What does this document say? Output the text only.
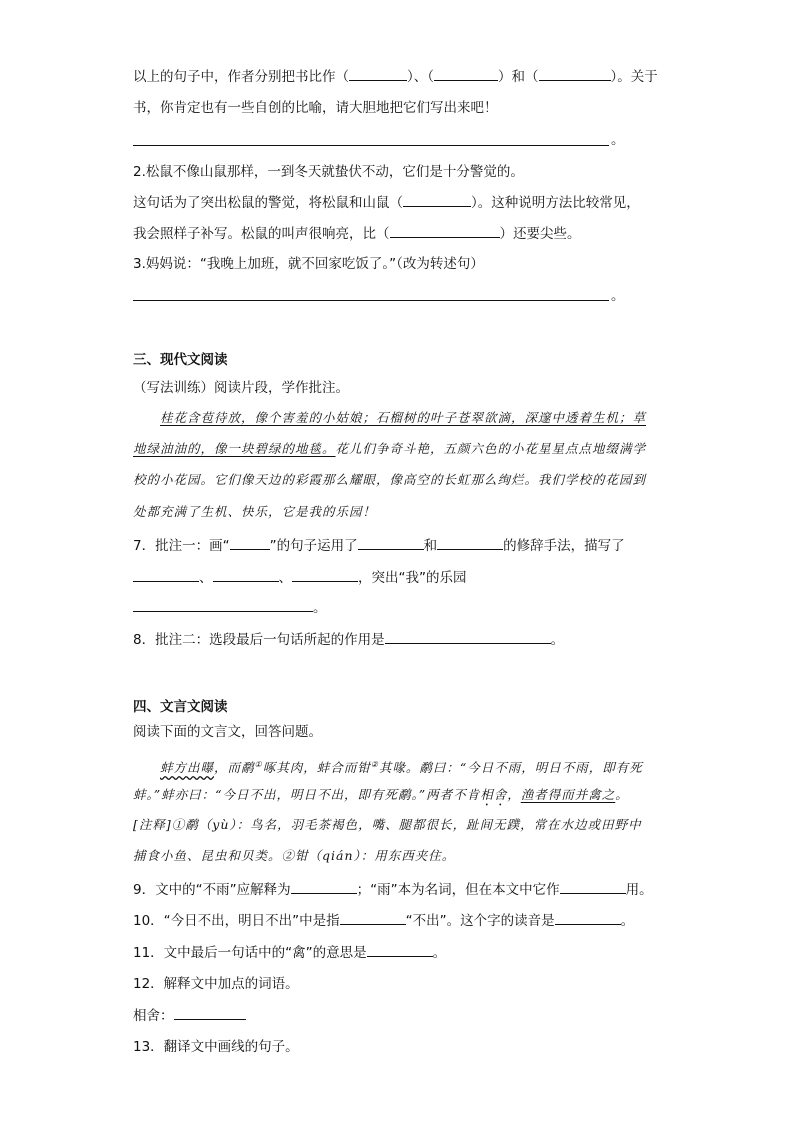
以上的句子中，作者分别把书比作（	）、（	）和（	）。关于
书，你肯定也有一些自创的比喻，请大胆地把它们写出来吧！
。
2.松鼠不像山鼠那样，一到冬天就蛰伏不动，它们是十分警觉的。
这句话为了突出松鼠的警觉，将松鼠和山鼠（	）。这种说明方法比较常见，
我会照样子补写。松鼠的叫声很响亮，比（	）还要尖些。
3.妈妈说：“我晚上加班，就不回家吃饭了。”（改为转述句）
。
三、现代文阅读
（写法训练）阅读片段，学作批注。
桂花含苞待放，像个害羞的小姑娘；石榴树的叶子苍翠欲滴，深邃中透着生机；草
地绿油油的，像一块碧绿的地毯。花儿们争奇斗艳，五颜六色的小花星星点点地缀满学
校的小花园。它们像天边的彩霞那么耀眼，像高空的长虹那么绚烂。我们学校的花园到
处都充满了生机、快乐，它是我的乐园！
7．批注一：画“	”的句子运用了	和	的修辞手法，描写了
、	、	，突出“我”的乐园
。
8．批注二：选段最后一句话所起的作用是	。
四、文言文阅读
阅读下面的文言文，回答问题。
蚌方出曝，而鹬①啄其肉，蚌合而钳②其喙。鹬曰：“今日不雨，明日不雨，即有死
蚌。”蚌亦曰：“今日不出，明日不出，即有死鹬。”两者不肯相舍，渔者得而并禽之。
[注释]①鹬（yù）：鸟名，羽毛茶褐色，嘴、腿都很长，趾间无蹼，常在水边或田野中
捕食小鱼、昆虫和贝类。②钳（qián）：用东西夹住。
9．文中的“不雨”应解释为	；“雨”本为名词，但在本文中它作	用。
10．“今日不出，明日不出”中是指	“不出”。这个字的读音是	。
11．文中最后一句话中的“禽”的意思是	。
12．解释文中加点的词语。
相舍：
13．翻译文中画线的句子。
